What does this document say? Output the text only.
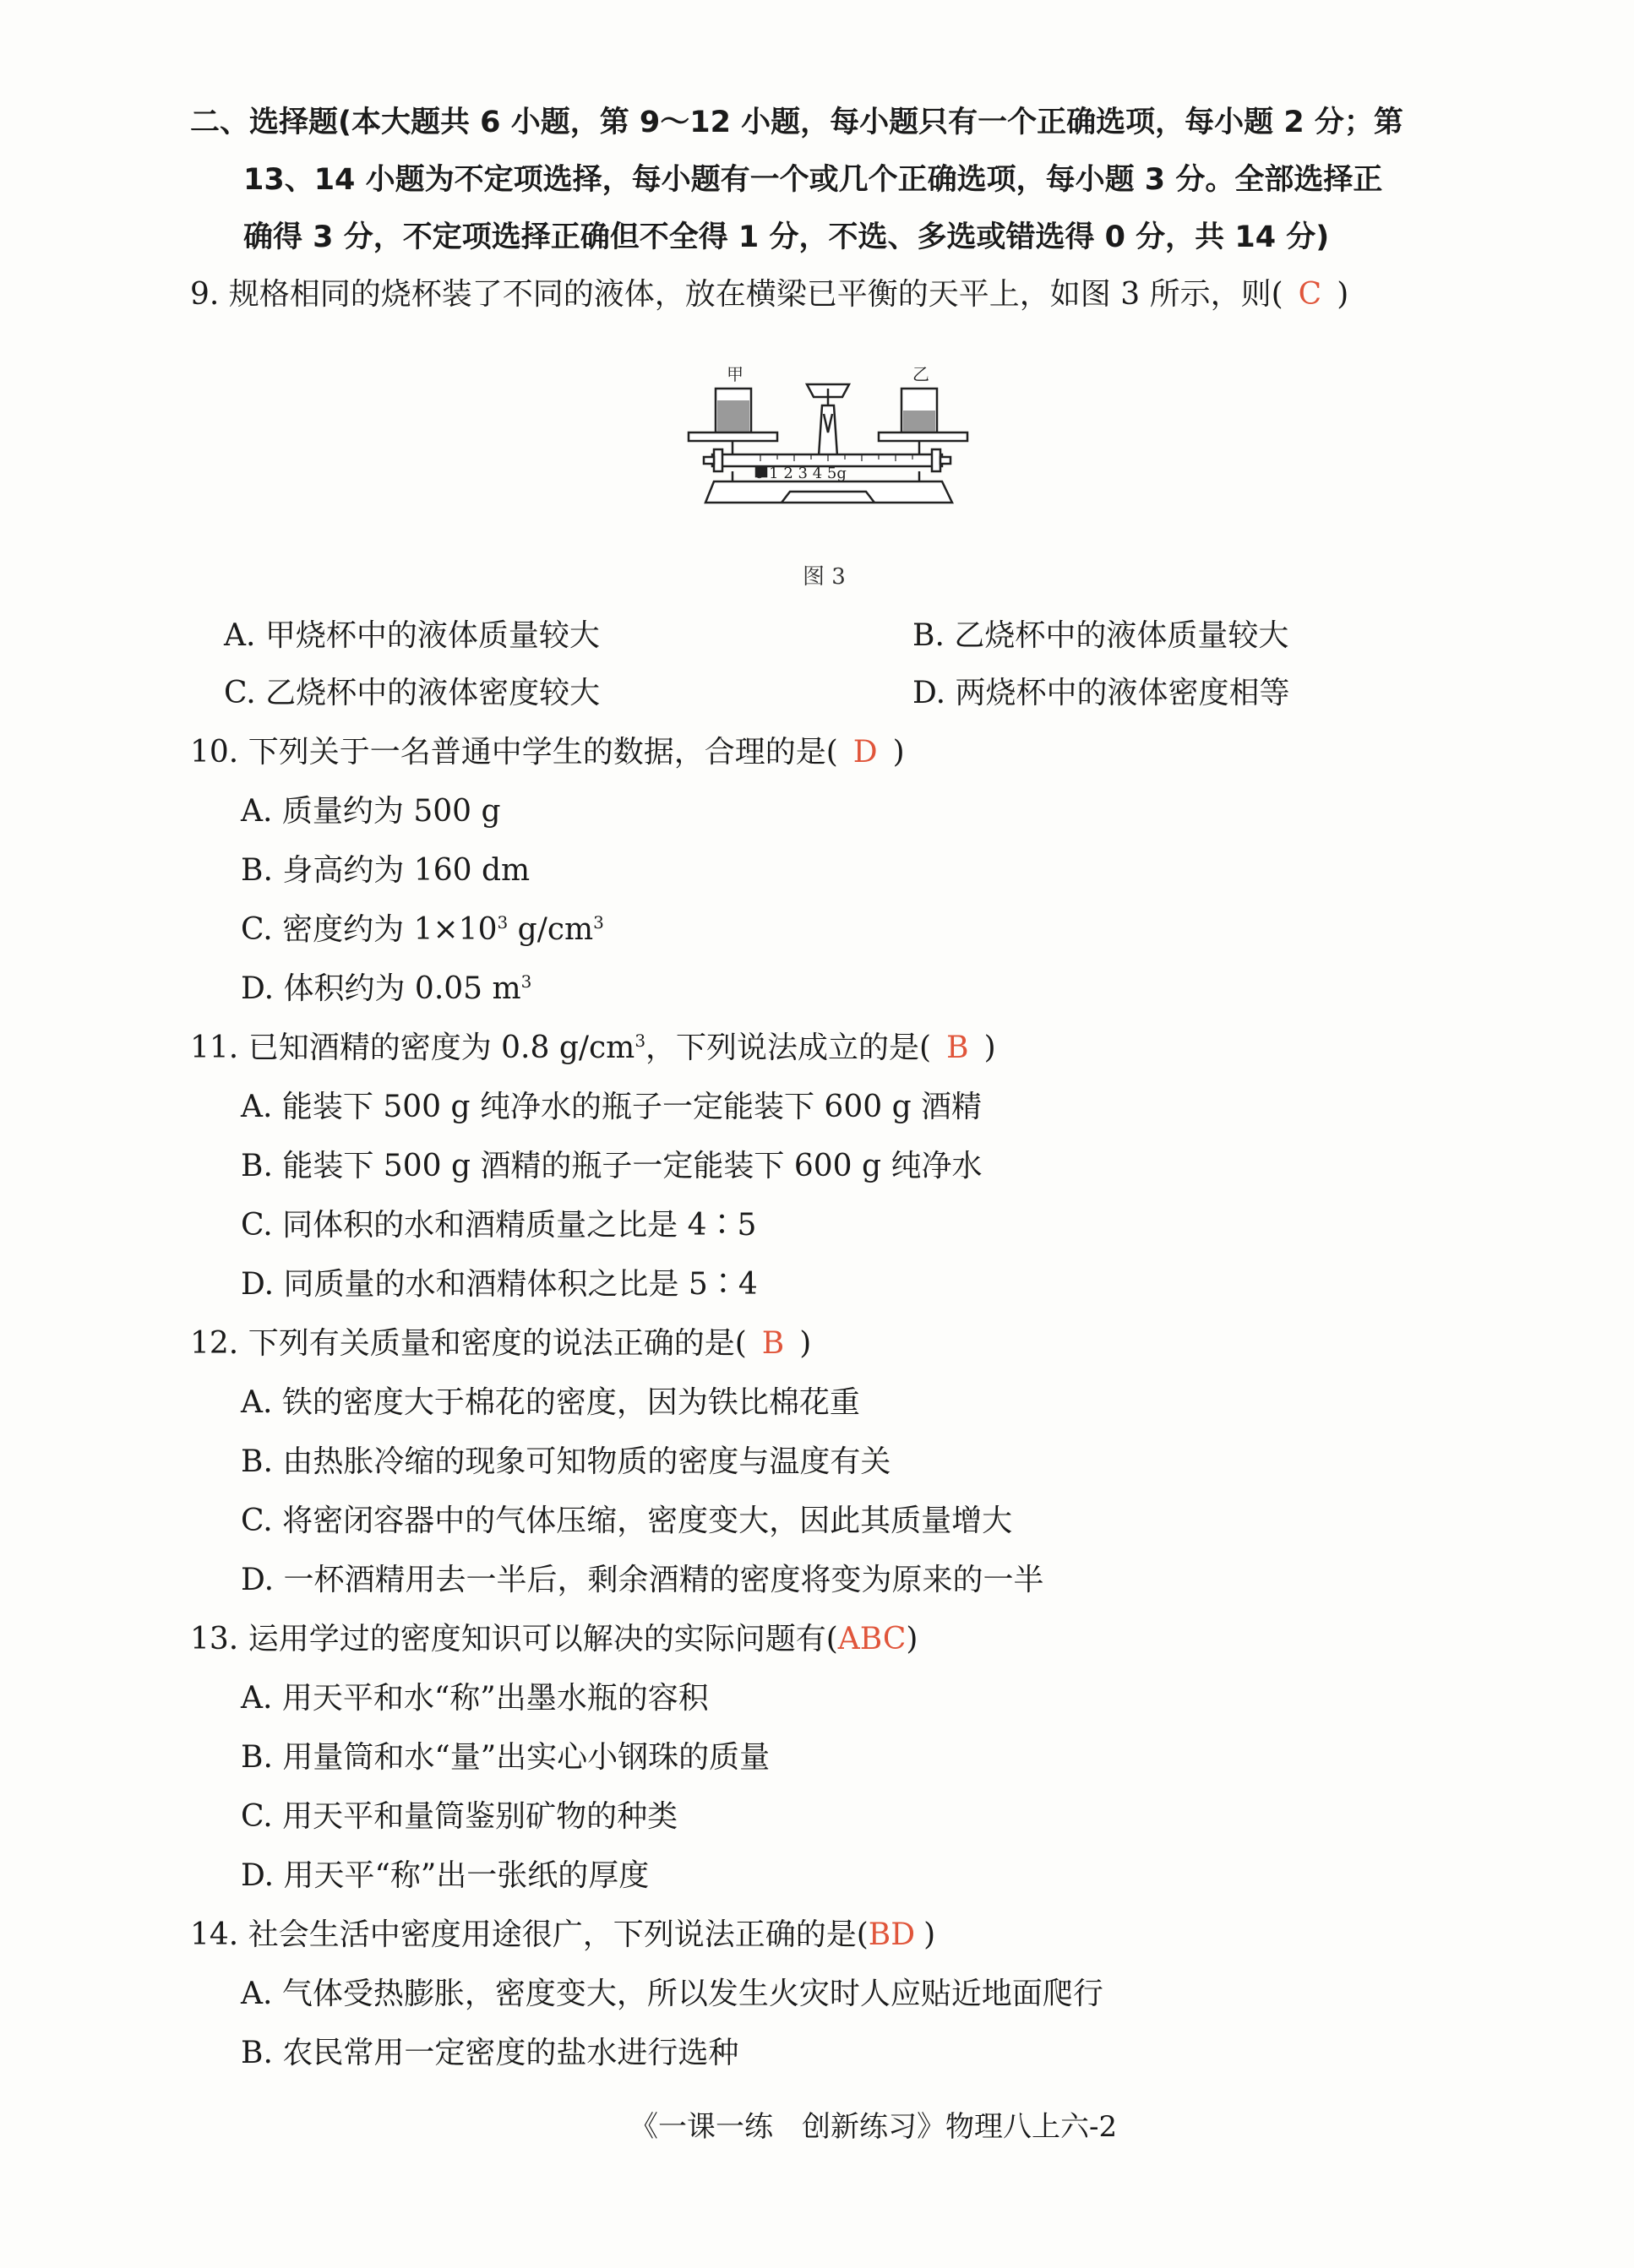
二、选择题(本大题共 6 小题，第 9～12 小题，每小题只有一个正确选项，每小题 2 分；第
13、14 小题为不定项选择，每小题有一个或几个正确选项，每小题 3 分。全部选择正
确得 3 分，不定项选择正确但不全得 1 分，不选、多选或错选得 0 分，共 14 分)
9. 规格相同的烧杯装了不同的液体，放在横梁已平衡的天平上，如图 3 所示，则( C )
甲	乙
0 1 2 3 4 5g
图 3
A. 甲烧杯中的液体质量较大	B. 乙烧杯中的液体质量较大
C. 乙烧杯中的液体密度较大	D. 两烧杯中的液体密度相等
10. 下列关于一名普通中学生的数据，合理的是( D )
A. 质量约为 500 g
B. 身高约为 160 dm
C. 密度约为 $1\times 10^3$ $g/cm^3$
D. 体积约为 0.05 $m^3$
11. 已知酒精的密度为 0.8 $g/cm^3$，下列说法成立的是( B )
A. 能装下 500 g 纯净水的瓶子一定能装下 600 g 酒精
B. 能装下 500 g 酒精的瓶子一定能装下 600 g 纯净水
C. 同体积的水和酒精质量之比是 4∶5
D. 同质量的水和酒精体积之比是 5∶4
12. 下列有关质量和密度的说法正确的是( B )
A. 铁的密度大于棉花的密度，因为铁比棉花重
B. 由热胀冷缩的现象可知物质的密度与温度有关
C. 将密闭容器中的气体压缩，密度变大，因此其质量增大
D. 一杯酒精用去一半后，剩余酒精的密度将变为原来的一半
13. 运用学过的密度知识可以解决的实际问题有(ABC)
A. 用天平和水“称”出墨水瓶的容积
B. 用量筒和水“量”出实心小钢珠的质量
C. 用天平和量筒鉴别矿物的种类
D. 用天平“称”出一张纸的厚度
14. 社会生活中密度用途很广，下列说法正确的是(BD )
A. 气体受热膨胀，密度变大，所以发生火灾时人应贴近地面爬行
B. 农民常用一定密度的盐水进行选种
《一课一练　创新练习》物理八上六-2
